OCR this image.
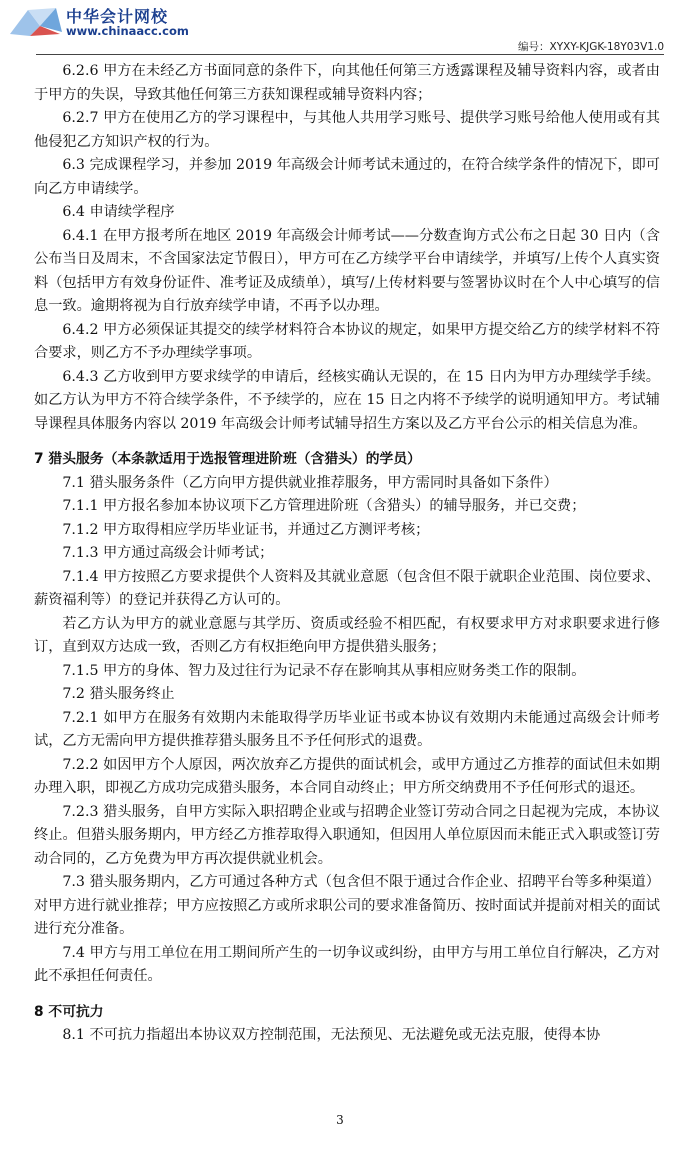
中华会计网校
www.chinaacc.com
编号：XYXY-KJGK-18Y03V1.0

6.2.6 甲方在未经乙方书面同意的条件下，向其他任何第三方透露课程及辅导资料内容，或者由于甲方的失误，导致其他任何第三方获知课程或辅导资料内容；

6.2.7 甲方在使用乙方的学习课程中，与其他人共用学习账号、提供学习账号给他人使用或有其他侵犯乙方知识产权的行为。

6.3 完成课程学习，并参加 2019 年高级会计师考试未通过的，在符合续学条件的情况下，即可向乙方申请续学。

6.4 申请续学程序

6.4.1 在甲方报考所在地区 2019 年高级会计师考试——分数查询方式公布之日起 30 日内（含公布当日及周末，不含国家法定节假日），甲方可在乙方续学平台申请续学，并填写/上传个人真实资料（包括甲方有效身份证件、准考证及成绩单），填写/上传材料要与签署协议时在个人中心填写的信息一致。逾期将视为自行放弃续学申请，不再予以办理。

6.4.2 甲方必须保证其提交的续学材料符合本协议的规定，如果甲方提交给乙方的续学材料不符合要求，则乙方不予办理续学事项。

6.4.3 乙方收到甲方要求续学的申请后，经核实确认无误的，在 15 日内为甲方办理续学手续。如乙方认为甲方不符合续学条件，不予续学的，应在 15 日之内将不予续学的说明通知甲方。考试辅导课程具体服务内容以 2019 年高级会计师考试辅导招生方案以及乙方平台公示的相关信息为准。

7 猎头服务（本条款适用于选报管理进阶班（含猎头）的学员）

7.1 猎头服务条件（乙方向甲方提供就业推荐服务，甲方需同时具备如下条件）

7.1.1 甲方报名参加本协议项下乙方管理进阶班（含猎头）的辅导服务，并已交费；

7.1.2 甲方取得相应学历毕业证书，并通过乙方测评考核；

7.1.3 甲方通过高级会计师考试；

7.1.4 甲方按照乙方要求提供个人资料及其就业意愿（包含但不限于就职企业范围、岗位要求、薪资福利等）的登记并获得乙方认可的。

若乙方认为甲方的就业意愿与其学历、资质或经验不相匹配，有权要求甲方对求职要求进行修订，直到双方达成一致，否则乙方有权拒绝向甲方提供猎头服务；

7.1.5 甲方的身体、智力及过往行为记录不存在影响其从事相应财务类工作的限制。

7.2 猎头服务终止

7.2.1 如甲方在服务有效期内未能取得学历毕业证书或本协议有效期内未能通过高级会计师考试，乙方无需向甲方提供推荐猎头服务且不予任何形式的退费。

7.2.2 如因甲方个人原因，两次放弃乙方提供的面试机会，或甲方通过乙方推荐的面试但未如期办理入职，即视乙方成功完成猎头服务，本合同自动终止；甲方所交纳费用不予任何形式的退还。

7.2.3 猎头服务，自甲方实际入职招聘企业或与招聘企业签订劳动合同之日起视为完成，本协议终止。但猎头服务期内，甲方经乙方推荐取得入职通知，但因用人单位原因而未能正式入职或签订劳动合同的，乙方免费为甲方再次提供就业机会。

7.3 猎头服务期内，乙方可通过各种方式（包含但不限于通过合作企业、招聘平台等多种渠道）对甲方进行就业推荐；甲方应按照乙方或所求职公司的要求准备简历、按时面试并提前对相关的面试进行充分准备。

7.4 甲方与用工单位在用工期间所产生的一切争议或纠纷，由甲方与用工单位自行解决，乙方对此不承担任何责任。

8 不可抗力

8.1 不可抗力指超出本协议双方控制范围，无法预见、无法避免或无法克服，使得本协

3
